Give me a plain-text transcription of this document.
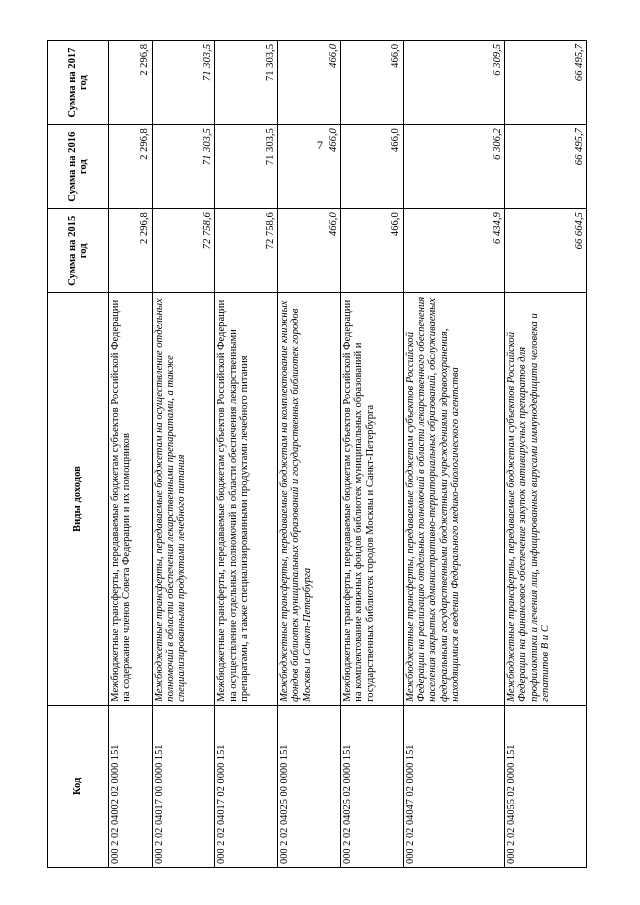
7
Код	Виды доходов	Сумма на 2015 год	Сумма на 2016 год	Сумма на 2017 год
000 2 02 04002 02 0000 151	Межбюджетные трансферты, передаваемые бюджетам субъектов Российской Федерации на содержание членов Совета Федерации и их помощников	2 296,8	2 296,8	2 296,8
000 2 02 04017 00 0000 151	Межбюджетные трансферты, передаваемые бюджетам на осуществление отдельных полномочий в области обеспечения лекарственными препаратами, а также специализированными продуктами лечебного питания	72 758,6	71 303,5	71 303,5
000 2 02 04017 02 0000 151	Межбюджетные трансферты, передаваемые бюджетам субъектов Российской Федерации на осуществление отдельных полномочий в области обеспечения лекарственными препаратами, а также специализированными продуктами лечебного питания	72 758,6	71 303,5	71 303,5
000 2 02 04025 00 0000 151	Межбюджетные трансферты, передаваемые бюджетам на комплектование книжных фондов библиотек муниципальных образований и государственных библиотек городов Москвы и Санкт-Петербурга	466,0	466,0	466,0
000 2 02 04025 02 0000 151	Межбюджетные трансферты, передаваемые бюджетам субъектов Российской Федерации на комплектование книжных фондов библиотек муниципальных образований и государственных библиотек городов Москвы и Санкт-Петербурга	466,0	466,0	466,0
000 2 02 04047 02 0000 151	Межбюджетные трансферты, передаваемые бюджетам субъектов Российской Федерации на реализацию отдельных полномочий в области лекарственного обеспечения населения закрытых административно-территориальных образований, обслуживаемых федеральными государственными бюджетными учреждениями здравоохранения, находящимися в ведении Федерального медико-биологического агентства	6 434,9	6 306,2	6 309,5
000 2 02 04055 02 0000 151	Межбюджетные трансферты, передаваемые бюджетам субъектов Российской Федерации на финансовое обеспечение закупок антивирусных препаратов для профилактики и лечения лиц, инфицированных вирусами иммунодефицита человека и гепатитов B и C	66 664,5	66 495,7	66 495,7
